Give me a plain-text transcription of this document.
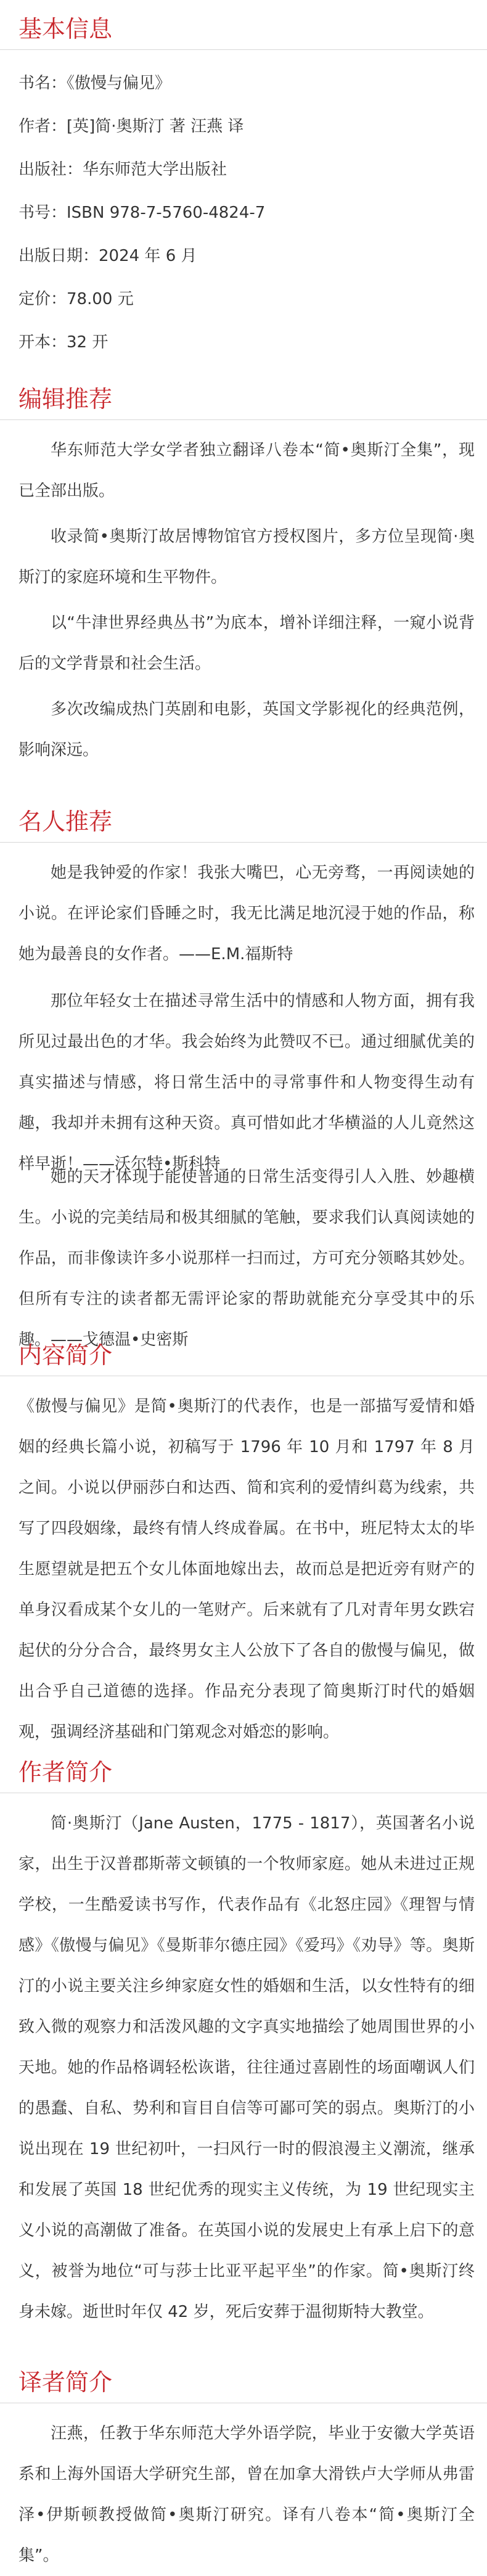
基本信息
书名：《傲慢与偏见》
作者：[英]简·奥斯汀 著 汪燕 译
出版社：华东师范大学出版社
书号：ISBN 978-7-5760-4824-7
出版日期：2024 年 6 月
定价：78.00 元
开本：32 开
编辑推荐
华东师范大学女学者独立翻译八卷本“简•奥斯汀全集”，现已全部出版。
收录简•奥斯汀故居博物馆官方授权图片，多方位呈现简·奥斯汀的家庭环境和生平物件。
以“牛津世界经典丛书”为底本，增补详细注释，一窥小说背后的文学背景和社会生活。
多次改编成热门英剧和电影，英国文学影视化的经典范例，影响深远。
名人推荐
她是我钟爱的作家！我张大嘴巴，心无旁骛，一再阅读她的小说。在评论家们昏睡之时，我无比满足地沉浸于她的作品，称她为最善良的女作者。——E.M.福斯特
那位年轻女士在描述寻常生活中的情感和人物方面，拥有我所见过最出色的才华。我会始终为此赞叹不已。通过细腻优美的真实描述与情感，将日常生活中的寻常事件和人物变得生动有趣，我却并未拥有这种天资。真可惜如此才华横溢的人儿竟然这样早逝！——沃尔特•斯科特
她的天才体现于能使普通的日常生活变得引人入胜、妙趣横生。小说的完美结局和极其细腻的笔触，要求我们认真阅读她的作品，而非像读许多小说那样一扫而过，方可充分领略其妙处。但所有专注的读者都无需评论家的帮助就能充分享受其中的乐趣。——戈德温•史密斯
内容简介
《傲慢与偏见》是简•奥斯汀的代表作，也是一部描写爱情和婚姻的经典长篇小说，初稿写于 1796 年 10 月和 1797 年 8 月之间。小说以伊丽莎白和达西、简和宾利的爱情纠葛为线索，共写了四段姻缘，最终有情人终成眷属。在书中，班尼特太太的毕生愿望就是把五个女儿体面地嫁出去，故而总是把近旁有财产的单身汉看成某个女儿的一笔财产。后来就有了几对青年男女跌宕起伏的分分合合，最终男女主人公放下了各自的傲慢与偏见，做出合乎自己道德的选择。作品充分表现了简奥斯汀时代的婚姻观，强调经济基础和门第观念对婚恋的影响。
作者简介
简·奥斯汀（Jane Austen，1775 - 1817），英国著名小说家，出生于汉普郡斯蒂文顿镇的一个牧师家庭。她从未进过正规学校，一生酷爱读书写作，代表作品有《北怒庄园》《理智与情感》《傲慢与偏见》《曼斯菲尔德庄园》《爱玛》《劝导》等。奥斯汀的小说主要关注乡绅家庭女性的婚姻和生活，以女性特有的细致入微的观察力和活泼风趣的文字真实地描绘了她周围世界的小天地。她的作品格调轻松诙谐，往往通过喜剧性的场面嘲讽人们的愚蠢、自私、势利和盲目自信等可鄙可笑的弱点。奥斯汀的小说出现在 19 世纪初叶，一扫风行一时的假浪漫主义潮流，继承和发展了英国 18 世纪优秀的现实主义传统，为 19 世纪现实主义小说的高潮做了准备。在英国小说的发展史上有承上启下的意义，被誉为地位“可与莎士比亚平起平坐”的作家。简•奥斯汀终身未嫁。逝世时年仅 42 岁，死后安葬于温彻斯特大教堂。
译者简介
汪燕，任教于华东师范大学外语学院，毕业于安徽大学英语系和上海外国语大学研究生部，曾在加拿大滑铁卢大学师从弗雷泽•伊斯顿教授做简•奥斯汀研究。译有八卷本“简•奥斯汀全集”。
